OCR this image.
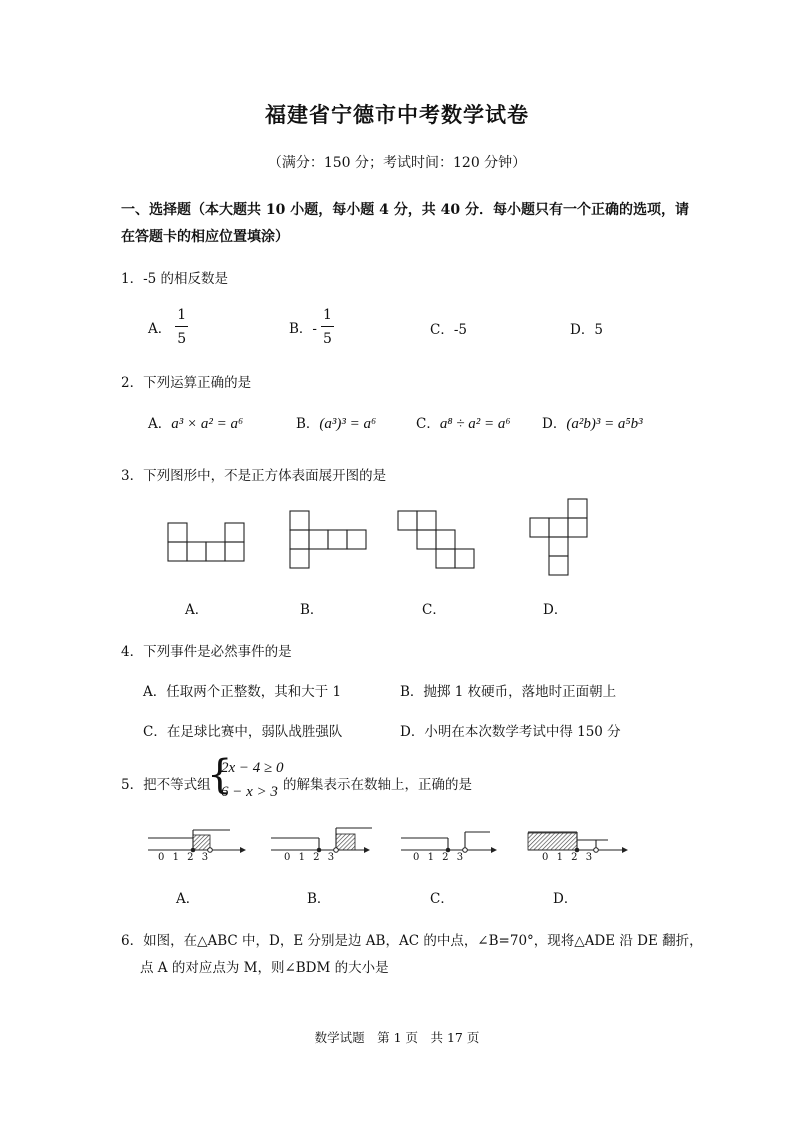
福建省宁德市中考数学试卷
（满分：150 分；考试时间：120 分钟）
一、选择题（本大题共 10 小题，每小题 4 分，共 40 分．每小题只有一个正确的选项，请
在答题卡的相应位置填涂）
1．-5 的相反数是
A． $\frac{1}{5}$	B．- $\frac{1}{5}$	C．-5	D．5
2．下列运算正确的是
A．a³ × a² = a⁶	B．(a³)³ = a⁶	C．a⁸ ÷ a² = a⁶ D．(a²b)³ = a⁵b³
3．下列图形中，不是正方体表面展开图的是
A．	B．	C．	D．
4．下列事件是必然事件的是
A．任取两个正整数，其和大于 1	B．抛掷 1 枚硬币，落地时正面朝上
C．在足球比赛中，弱队战胜强队	D．小明在本次数学考试中得 150 分
5．把不等式组
{
2x − 4 ≥ 0
6 − x > 3 的解集表示在数轴上，正确的是
0 1 2 3	0 1 2 3	0 1 2 3	0 1 2 3
A．	B．	C．	D．
6．如图，在△ABC 中，D，E 分别是边 AB，AC 的中点，∠B=70°，现将△ADE 沿 DE 翻折，
点 A 的对应点为 M，则∠BDM 的大小是
数学试题　第 1 页　共 17 页
